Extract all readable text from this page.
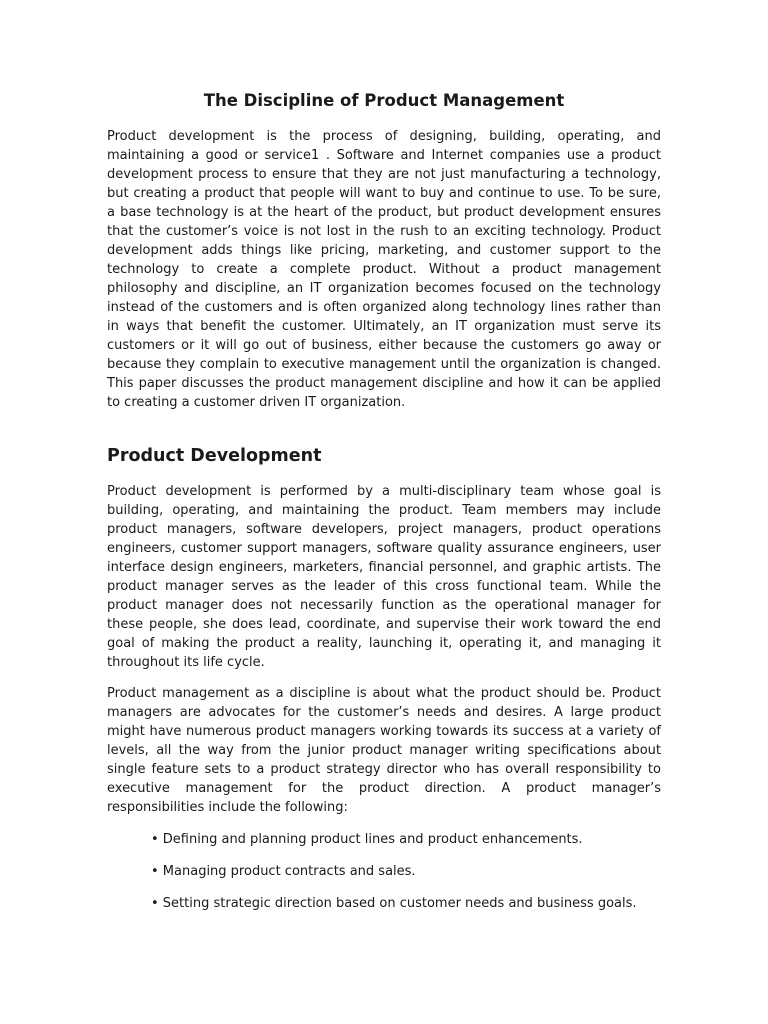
The Discipline of Product Management

Product development is the process of designing, building, operating, and maintaining a good or service1 . Software and Internet companies use a product development process to ensure that they are not just manufacturing a technology, but creating a product that people will want to buy and continue to use. To be sure, a base technology is at the heart of the product, but product development ensures that the customer’s voice is not lost in the rush to an exciting technology. Product development adds things like pricing, marketing, and customer support to the technology to create a complete product. Without a product management philosophy and discipline, an IT organization becomes focused on the technology instead of the customers and is often organized along technology lines rather than in ways that benefit the customer. Ultimately, an IT organization must serve its customers or it will go out of business, either because the customers go away or because they complain to executive management until the organization is changed. This paper discusses the product management discipline and how it can be applied to creating a customer driven IT organization.

Product Development

Product development is performed by a multi-disciplinary team whose goal is building, operating, and maintaining the product. Team members may include product managers, software developers, project managers, product operations engineers, customer support managers, software quality assurance engineers, user interface design engineers, marketers, financial personnel, and graphic artists. The product manager serves as the leader of this cross functional team. While the product manager does not necessarily function as the operational manager for these people, she does lead, coordinate, and supervise their work toward the end goal of making the product a reality, launching it, operating it, and managing it throughout its life cycle.

Product management as a discipline is about what the product should be. Product managers are advocates for the customer’s needs and desires. A large product might have numerous product managers working towards its success at a variety of levels, all the way from the junior product manager writing specifications about single feature sets to a product strategy director who has overall responsibility to executive management for the product direction. A product manager’s responsibilities include the following:

• Defining and planning product lines and product enhancements.

• Managing product contracts and sales.

• Setting strategic direction based on customer needs and business goals.
